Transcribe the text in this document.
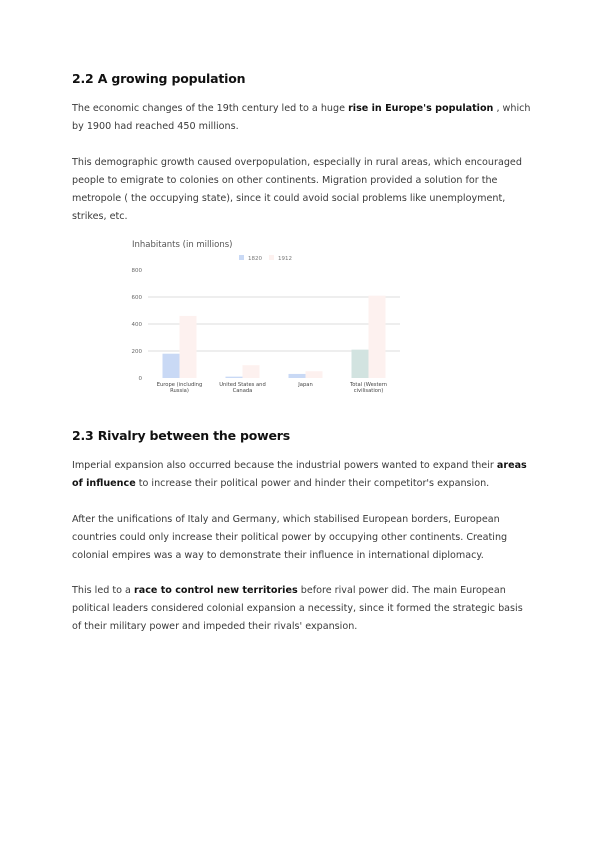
2.2 A growing population

The economic changes of the 19th century led to a huge rise in Europe's population , which by 1900 had reached 450 millions.

This demographic growth caused overpopulation, especially in rural areas, which encouraged people to emigrate to colonies on other continents. Migration provided a solution for the metropole ( the occupying state), since it could avoid social problems like unemployment, strikes, etc.

Inhabitants (in millions)
1820	1912
0
200
400
600
800
Europe (including Russia)
United States and Canada
Japan	Total (Western civilisation)
2.3 Rivalry between the powers

Imperial expansion also occurred because the industrial powers wanted to expand their areas of influence to increase their political power and hinder their competitor's expansion.

After the unifications of Italy and Germany, which stabilised European borders, European countries could only increase their political power by occupying other continents. Creating colonial empires was a way to demonstrate their influence in international diplomacy.

This led to a race to control new territories before rival power did. The main European political leaders considered colonial expansion a necessity, since it formed the strategic basis of their military power and impeded their rivals' expansion.
